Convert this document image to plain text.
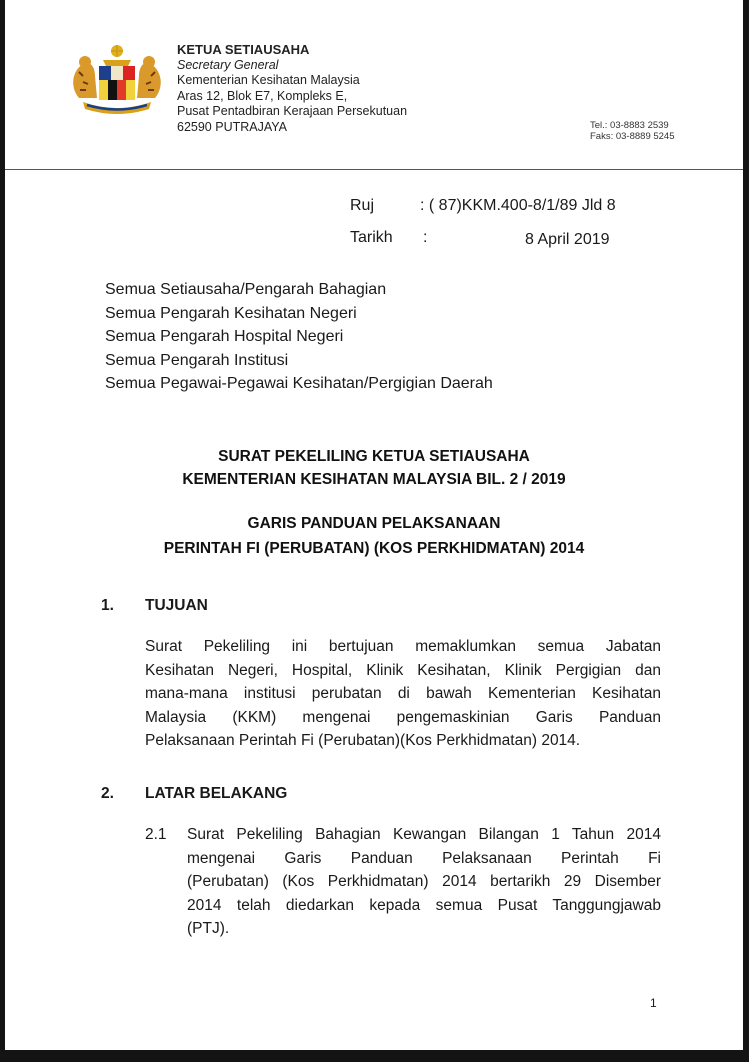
KETUA SETIAUSAHA
Secretary General
Kementerian Kesihatan Malaysia
Aras 12, Blok E7, Kompleks E,
Pusat Pentadbiran Kerajaan Persekutuan
62590 PUTRAJAYA	Tel.: 03-8883 2539
Faks: 03-8889 5245
Ruj	: ( 87)KKM.400-8/1/89 Jld 8
Tarikh :	8 April 2019
Semua Setiausaha/Pengarah Bahagian
Semua Pengarah Kesihatan Negeri
Semua Pengarah Hospital Negeri
Semua Pengarah Institusi
Semua Pegawai-Pegawai Kesihatan/Pergigian Daerah
SURAT PEKELILING KETUA SETIAUSAHA
KEMENTERIAN KESIHATAN MALAYSIA BIL. 2 / 2019
GARIS PANDUAN PELAKSANAAN
PERINTAH FI (PERUBATAN) (KOS PERKHIDMATAN) 2014
1. TUJUAN
Surat Pekeliling ini bertujuan memaklumkan semua Jabatan
Kesihatan Negeri, Hospital, Klinik Kesihatan, Klinik Pergigian dan
mana-mana institusi perubatan di bawah Kementerian Kesihatan
Malaysia (KKM) mengenai pengemaskinian Garis Panduan
Pelaksanaan Perintah Fi (Perubatan)(Kos Perkhidmatan) 2014.
2. LATAR BELAKANG
2.1 Surat Pekeliling Bahagian Kewangan Bilangan 1 Tahun 2014
mengenai Garis Panduan Pelaksanaan Perintah Fi
(Perubatan) (Kos Perkhidmatan) 2014 bertarikh 29 Disember
2014 telah diedarkan kepada semua Pusat Tanggungjawab
(PTJ).
1
